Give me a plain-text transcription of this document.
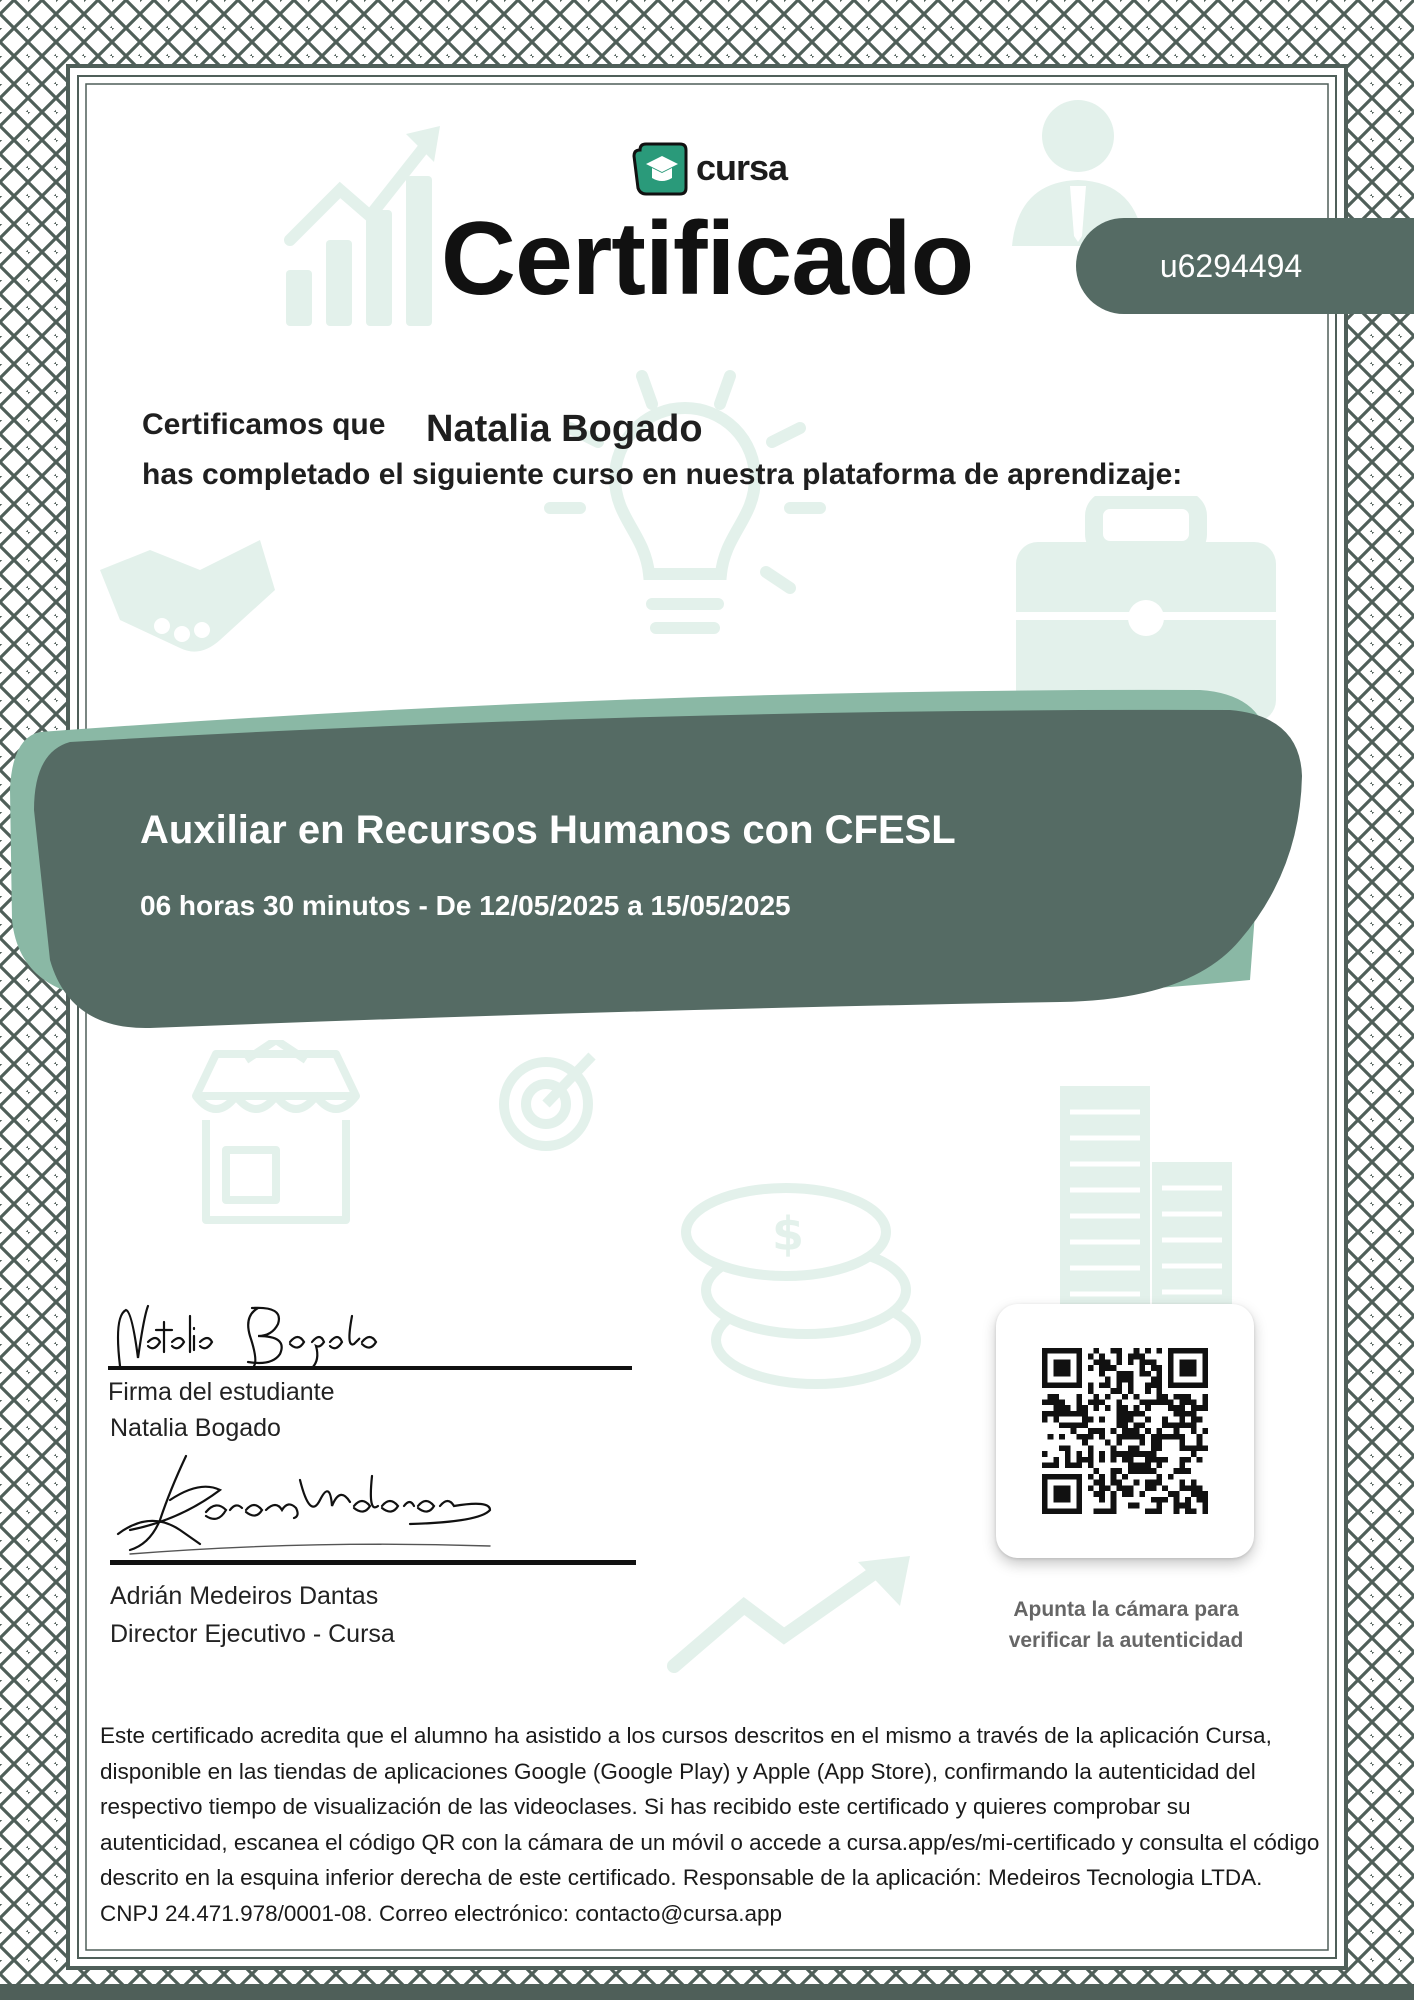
$
cursa
Certificado	u6294494
Certificamos que Natalia Bogado
has completado el siguiente curso en nuestra plataforma de aprendizaje:
Auxiliar en Recursos Humanos con CFESL
06 horas 30 minutos - De 12/05/2025 a 15/05/2025
Firma del estudiante
Natalia Bogado
Adrián Medeiros Dantas
Director Ejecutivo - Cursa
Apunta la cámara para
verificar la autenticidad
Este certificado acredita que el alumno ha asistido a los cursos descritos en el mismo a través de la aplicación Cursa, disponible en las tiendas de aplicaciones Google (Google Play) y Apple (App Store), confirmando la autenticidad del respectivo tiempo de visualización de las videoclases. Si has recibido este certificado y quieres comprobar su autenticidad, escanea el código QR con la cámara de un móvil o accede a cursa.app/es/mi-certificado y consulta el código descrito en la esquina inferior derecha de este certificado. Responsable de la aplicación: Medeiros Tecnologia LTDA. CNPJ 24.471.978/0001-08. Correo electrónico: contacto@cursa.app
